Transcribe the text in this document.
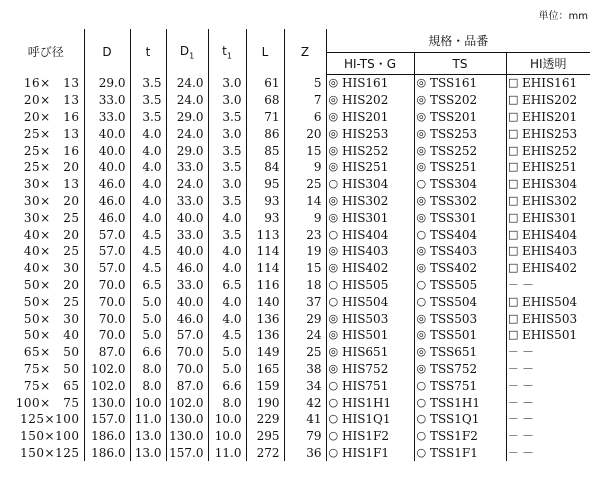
単位：mm
呼び径	D	t	$D_1$	$t_1$	L	Z	規格・品番					
							HI-TS・G		TS		HI透明	
16×　13	29.0	3.5	24.0	3.0	61	5	◎	HIS161	◎	TSS161	□	EHIS161
20×　13	33.0	3.5	24.0	3.0	68	7	◎	HIS202	◎	TSS202	□	EHIS202
20×　16	33.0	3.5	29.0	3.5	71	6	◎	HIS201	◎	TSS201	□	EHIS201
25×　13	40.0	4.0	24.0	3.0	86	20	◎	HIS253	◎	TSS253	□	EHIS253
25×　16	40.0	4.0	29.0	3.5	85	15	◎	HIS252	◎	TSS252	□	EHIS252
25×　20	40.0	4.0	33.0	3.5	84	9	◎	HIS251	◎	TSS251	□	EHIS251
30×　13	46.0	4.0	24.0	3.0	95	25	○	HIS304	○	TSS304	□	EHIS304
30×　20	46.0	4.0	33.0	3.5	93	14	◎	HIS302	◎	TSS302	□	EHIS302
30×　25	46.0	4.0	40.0	4.0	93	9	◎	HIS301	◎	TSS301	□	EHIS301
40×　20	57.0	4.5	33.0	3.5	113	23	○	HIS404	○	TSS404	□	EHIS404
40×　25	57.0	4.5	40.0	4.0	114	19	◎	HIS403	◎	TSS403	□	EHIS403
40×　30	57.0	4.5	46.0	4.0	114	15	◎	HIS402	◎	TSS402	□	EHIS402
50×　20	70.0	6.5	33.0	6.5	116	18	○	HIS505	○	TSS505	－	－
50×　25	70.0	5.0	40.0	4.0	140	37	○	HIS504	○	TSS504	□	EHIS504
50×　30	70.0	5.0	46.0	4.0	136	29	◎	HIS503	◎	TSS503	□	EHIS503
50×　40	70.0	5.0	57.0	4.5	136	24	◎	HIS501	◎	TSS501	□	EHIS501
65×　50	87.0	6.6	70.0	5.0	149	25	◎	HIS651	◎	TSS651	－	－
75×　50	102.0	8.0	70.0	5.0	165	38	◎	HIS752	◎	TSS752	－	－
75×　65	102.0	8.0	87.0	6.6	159	34	○	HIS751	○	TSS751	－	－
100×　75	130.0	10.0	102.0	8.0	190	42	○	HIS1H1	○	TSS1H1	－	－
125×100	157.0	11.0	130.0	10.0	229	41	○	HIS1Q1	○	TSS1Q1	－	－
150×100	186.0	13.0	130.0	10.0	295	79	○	HIS1F2	○	TSS1F2	－	－
150×125	186.0	13.0	157.0	11.0	272	36	○	HIS1F1	○	TSS1F1	－	－
